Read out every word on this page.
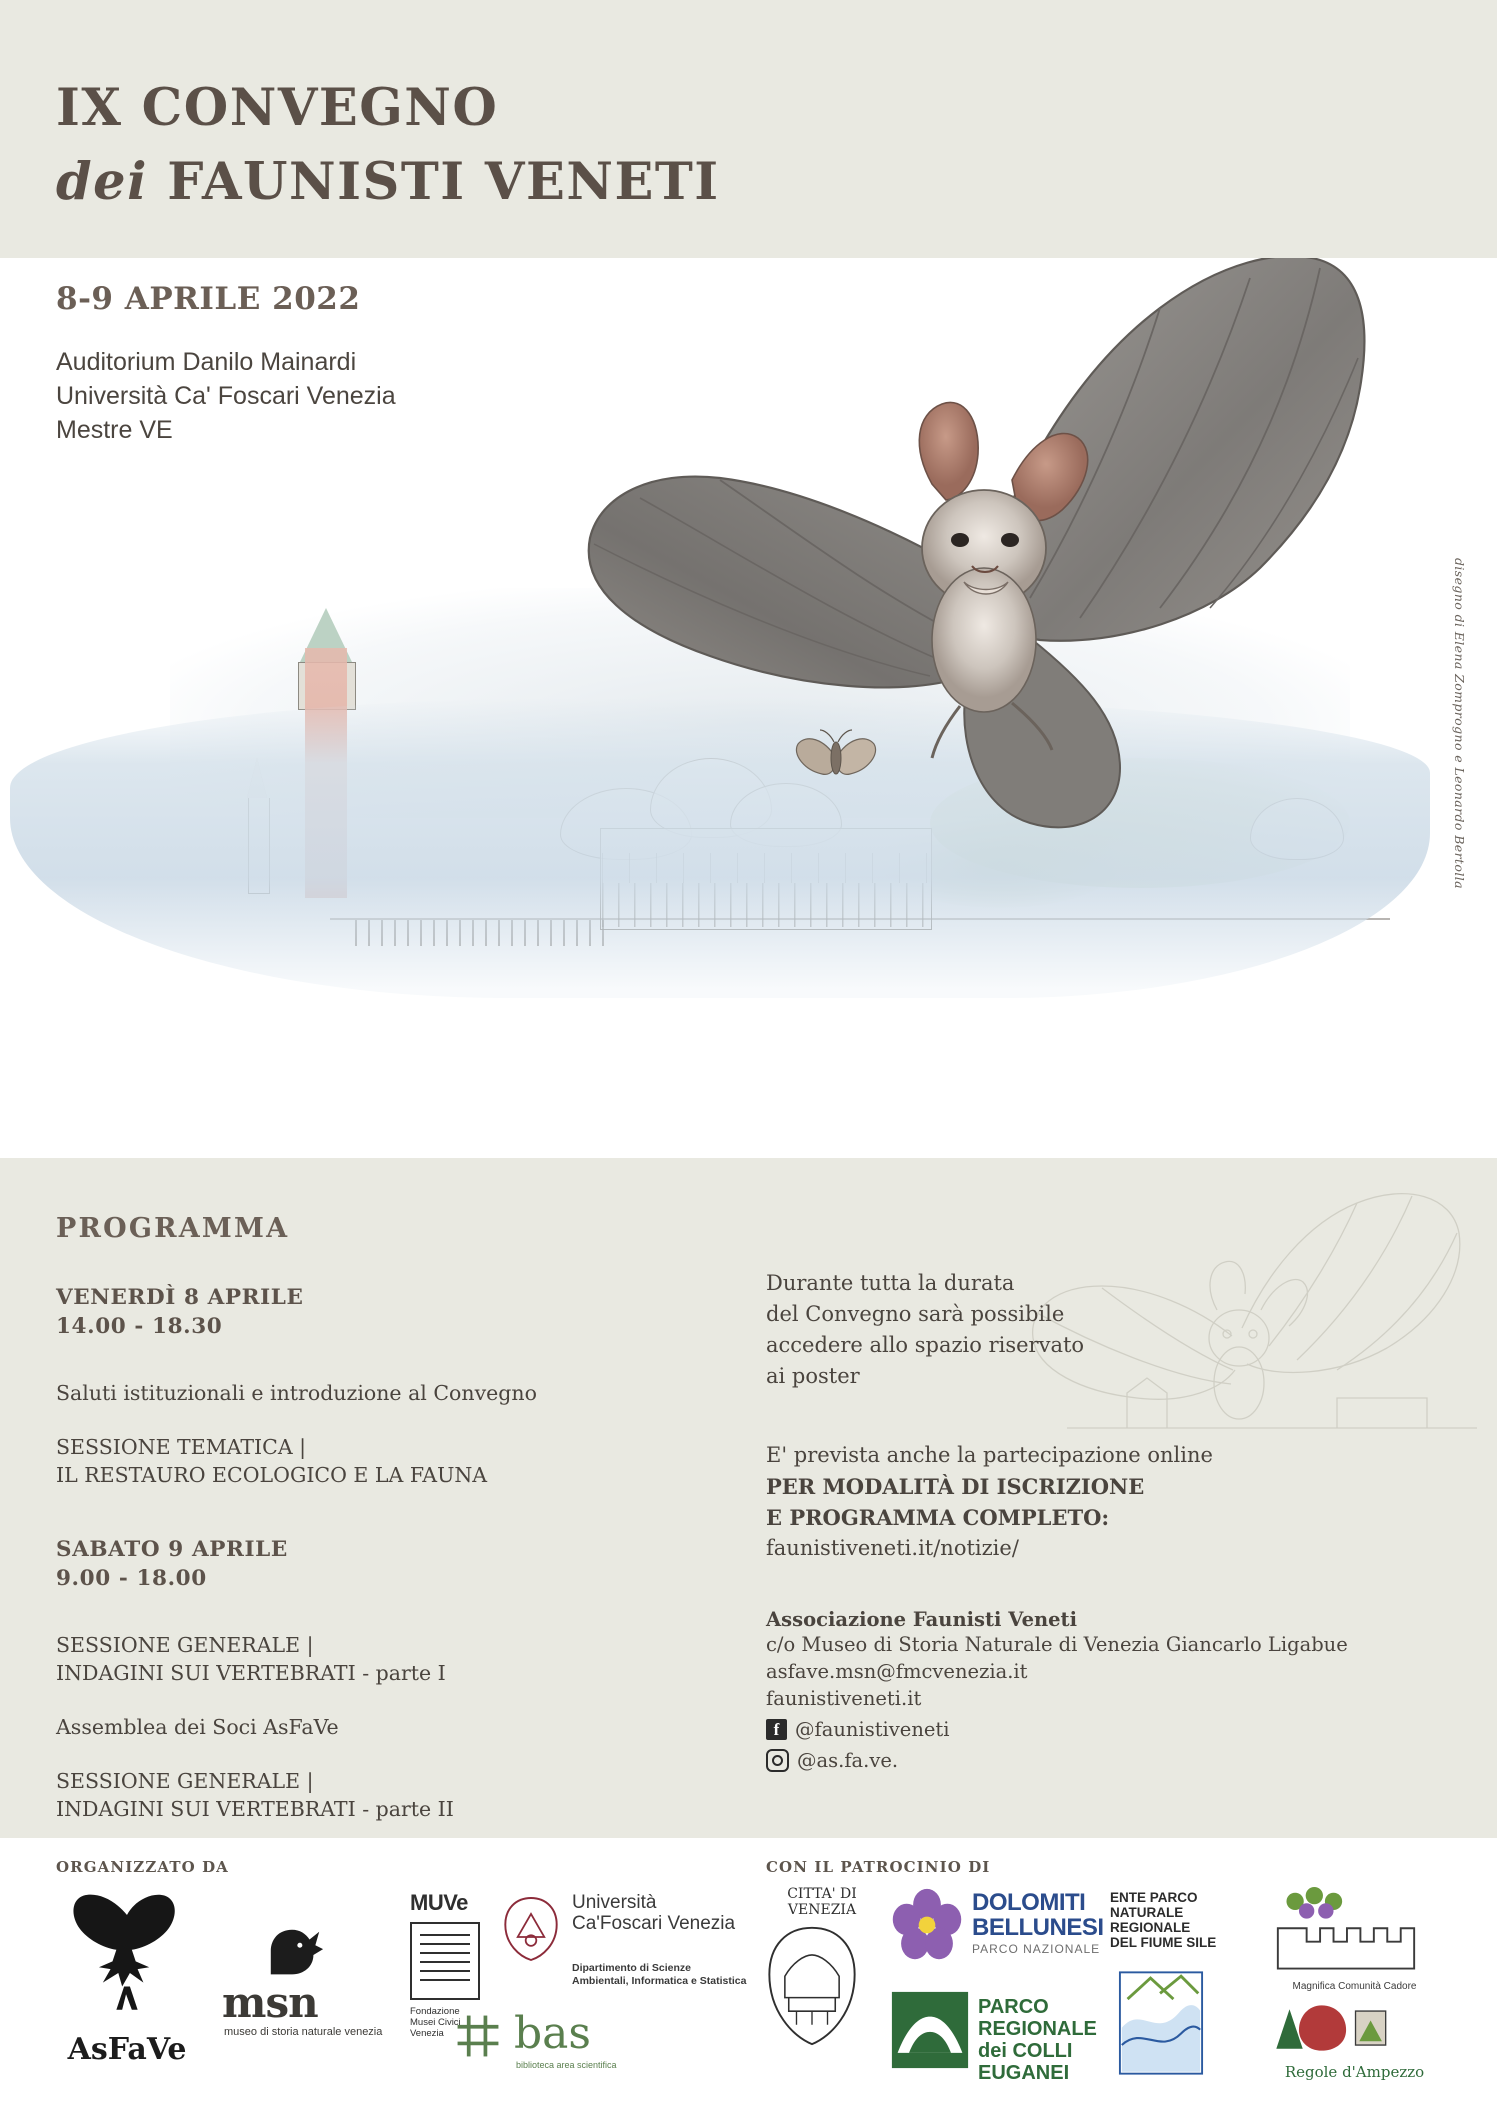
IX CONVEGNO
dei FAUNISTI VENETI
8-9 APRILE 2022
Auditorium Danilo Mainardi
Università Ca' Foscari Venezia
Mestre VE
disegno di Elena Zomprogno e Leonardo Bertolla
PROGRAMMA
VENERDÌ 8 APRILE
14.00 - 18.30
Saluti istituzionali e introduzione al Convegno
SESSIONE TEMATICA |
IL RESTAURO ECOLOGICO E LA FAUNA
SABATO 9 APRILE
9.00 - 18.00
SESSIONE GENERALE |
INDAGINI SUI VERTEBRATI - parte I
Assemblea dei Soci AsFaVe
SESSIONE GENERALE |
INDAGINI SUI VERTEBRATI - parte II
Durante tutta la durata
del Convegno sarà possibile
accedere allo spazio riservato
ai poster
E' prevista anche la partecipazione online
PER MODALITÀ DI ISCRIZIONE
E PROGRAMMA COMPLETO:
faunistiveneti.it/notizie/
Associazione Faunisti Veneti
c/o Museo di Storia Naturale di Venezia Giancarlo Ligabue
asfave.msn@fmcvenezia.it
faunistiveneti.it
f @faunistiveneti
@as.fa.ve.
ORGANIZZATO DA	CON IL PATROCINIO DI
AsFaVe
msn
museo di storia naturale venezia
MUVe
Fondazione Musei Civici Venezia
Università Ca'Foscari Venezia
Dipartimento di Scienze Ambientali, Informatica e Statistica
bas
biblioteca area scientifica
CITTA' DI VENEZIA	DOLOMITI BELLUNESI
PARCO NAZIONALE
PARCO REGIONALE dei COLLI EUGANEI
ENTE PARCO NATURALE REGIONALE DEL FIUME SILE
Magnifica Comunità Cadore
Regole d'Ampezzo
